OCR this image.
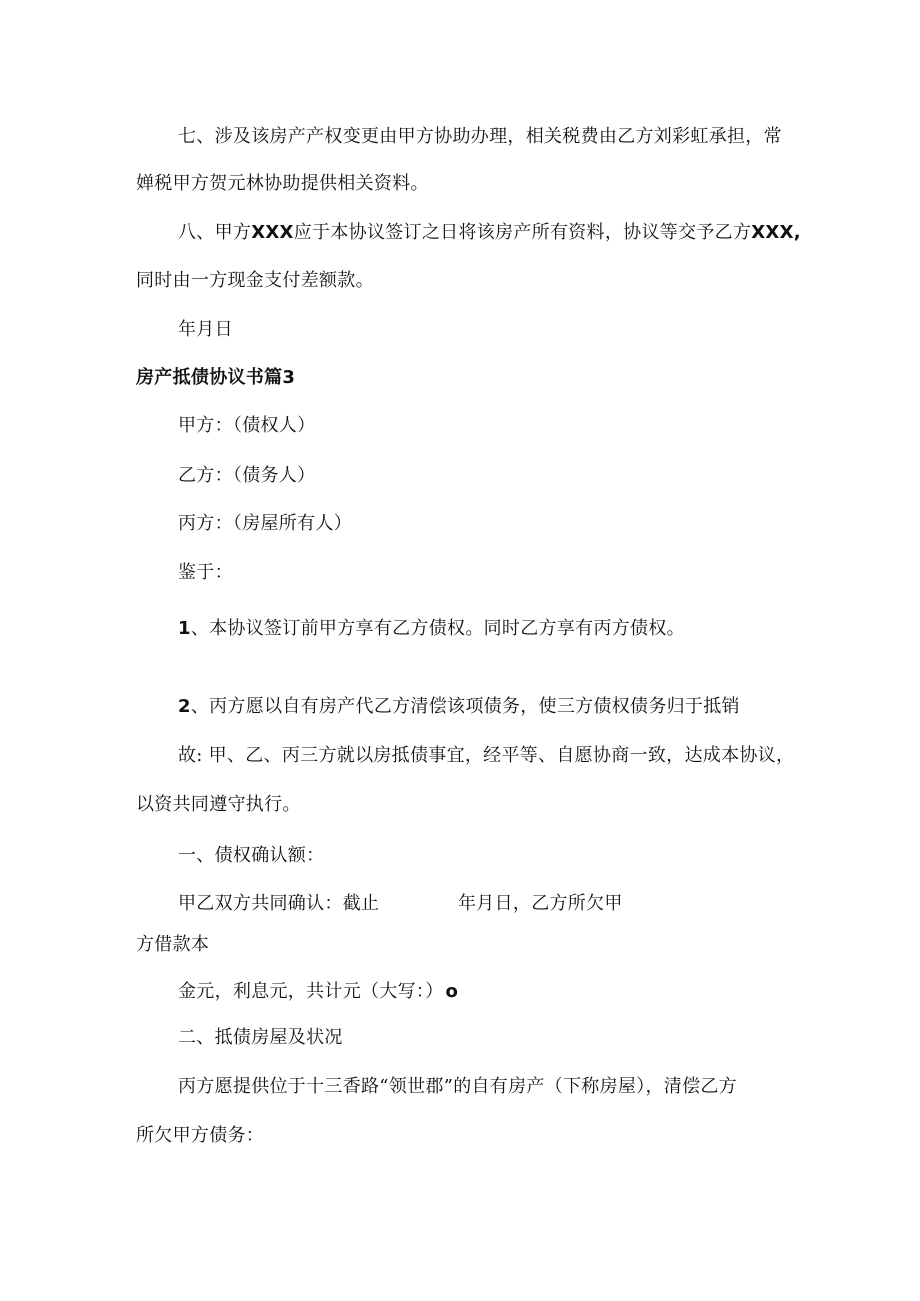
七、涉及该房产产权变更由甲方协助办理，相关税费由乙方刘彩虹承担，常
婵税甲方贺元林协助提供相关资料。
八、甲方XXX应于本协议签订之日将该房产所有资料，协议等交予乙方XXX,
同时由一方现金支付差额款。
年月日
房产抵债协议书篇3
甲方：（债权人）
乙方：（债务人）
丙方：（房屋所有人）
鉴于：
1、本协议签订前甲方享有乙方债权。同时乙方享有丙方债权。
2、丙方愿以自有房产代乙方清偿该项债务，使三方债权债务归于抵销
故: 甲、乙、丙三方就以房抵债事宜，经平等、自愿协商一致，达成本协议，
以资共同遵守执行。
一、债权确认额：
甲乙双方共同确认：截止	年月日，乙方所欠甲
方借款本
金元，利息元，共计元（大写：） o
二、抵债房屋及状况
丙方愿提供位于十三香路“领世郡”的自有房产（下称房屋），清偿乙方
所欠甲方债务：
